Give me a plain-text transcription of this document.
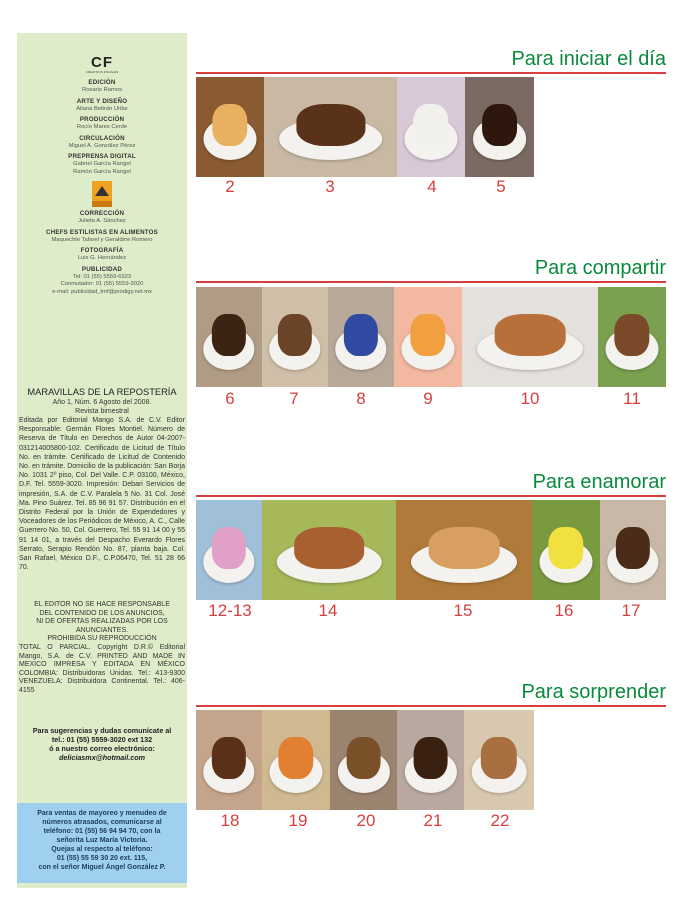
CF
CREATIVOS FISCALES
EDICIÓN
Rosario Ramos
ARTE Y DISEÑO
Aliana Beltrán Uribe
PRODUCCIÓN
Rocío Mares Cerde
CIRCULACIÓN
Miguel A. González Pérez
PREPRENSA DIGITAL
Gabriel García Rangel
Ramón García Rangel
CORRECCIÓN
Julieta A. Sánchez
CHEFS ESTILISTAS EN ALIMENTOS
Maquechte Tafarel y Geraldine Romero
FOTOGRAFÍA
Luis G. Hernández
PUBLICIDAD
Tel: 01 (55) 5559-6923
Conmutador: 01 (55) 5559-3020
e-mail: publicidad_tmf@prodigy.net.mx
MARAVILLAS DE LA REPOSTERÍA
Año 1, Núm. 6 Agosto del 2008.
Revista bimestral
Editada por Editorial Mango S.A. de C.V. Editor Responsable: Germán Flores Montiel. Número de Reserva de Título en Derechos de Autor 04-2007-031214005800-102. Certificado de Licitud de Título No. en trámite. Certificado de Licitud de Contenido No. en trámite. Domicilio de la publicación: San Borja No. 1031 2º piso, Col. Del Valle. C.P. 03100, México, D.F. Tel. 5559-3020. Impresión: Debari Servicios de impresión, S.A. de C.V. Paralela 5 No. 31 Col. José Ma. Pino Suárez. Tel. 85 96 91 57. Distribución en el Distrito Federal por la Unión de Expendedores y Voceadores de los Periódicos de México, A. C., Calle Guerrero No. 50, Col. Guerrero, Tel. 55 91 14 00 y 55 91 14 01, a través del Despacho Everardo Flores Serrato, Serapio Rendón No. 87, planta baja. Col. San Rafael, México D.F., C.P.06470, Tel. 51 28 66 70.
EL EDITOR NO SE HACE RESPONSABLE
DEL CONTENIDO DE LOS ANUNCIOS,
NI DE OFERTAS REALIZADAS POR LOS
ANUNCIANTES.
PROHIBIDA SU REPRODUCCIÓN
TOTAL O PARCIAL. Copyright D.R.© Editorial Mango, S.A. de C.V. PRINTED AND MADE IN MEXICO IMPRESA Y EDITADA EN MÉXICO COLOMBIA: Distribuidoras Unidas. Tel.: 413-9300 VENEZUELA: Distribuidora Continental. Tel.: 406-4155
Para sugerencias y dudas comunícate al
tel.: 01 (55) 5559-3020 ext 132
ó a nuestro correo electrónico:
deliciasmx@hotmail.com
Para ventas de mayoreo y menudeo de
números atrasados, comunicarse al
teléfono: 01 (55) 56 94 94 70, con la
señorita Luz María Victoria.
Quejas al respecto al teléfono:
01 (55) 55 59 30 20 ext. 115,
con el señor Miguel Ángel González P.
Para iniciar el día
2	3	4	5
Para compartir
6	7	8	9	10	11
Para enamorar
12-13	14	15	16	17
Para sorprender
18	19	20	21	22
